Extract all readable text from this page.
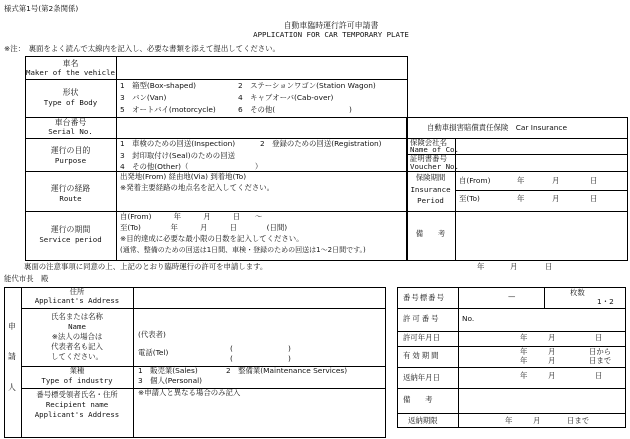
様式第1号(第2条関係)
自動車臨時運行許可申請書
APPLICATION FOR CAR TEMPORARY PLATE
※注：　裏面をよく読んで太線内を記入し、必要な書類を添えて提出してください。
車名
Maker of the vehicle
形状
Type of Body
1　箱型(Box-shaped)	2　ステーションワゴン(Station Wagon)
3　バン(Van)	4　キャブオーバ(Cab-over)
5　オートバイ(motorcycle)	6　その他(　　　　　　　　　　)
車台番号
Serial No.	自動車損害賠償責任保険　Car Insurance
運行の目的
Purpose
1　車検のための回送(Inspection)	2　登録のための回送(Registration)
3　封印取付け(Seal)のための回送
4　その他(Other)（　　　　　　　　　）
保険会社名
Name of Co.
証明書番号
Voucher No.
運行の経路
Route
出発地(From) 経由地(Via) 到着地(To)
※発着主要経路の地点名を記入してください。
保険期間
Insurance
Period
自(From)	年	月	日
至(To)	年	月	日
運行の期間
Service period
自(From)　　　年　　　月　　　日　　～
至(To)　　　　年　　　月　　　日　　　　(日間)
※目的達成に必要な最小限の日数を記入してください。
(通常、整備のための回送は1日間、車検・登録のための回送は1～2日間です。)
備　　考
裏面の注意事項に同意の上、上記のとおり臨時運行の許可を申請します。	年	月	日
能代市長　殿
申
請
人
住所
Applicant's Address
氏名または名称
Name
※法人の場合は
代表者名も記入
してください。
(代表者)
電話(Tel)	(	)
(	)
業種
Type of industry
1　販売業(Sales)	2　整備業(Maintenance Services)
3　個人(Personal)
番号標受領者氏名・住所
Recipient name
Applicant's Address
※申請人と異なる場合のみ記入
番号標番号	—	枚数
1・2
許可番号	No.
許可年月日	年	月	日
有効期間	年	月	日から
年	月	日まで
返納年月日	年	月	日
備　　考
返納期限	年	月	日まで
